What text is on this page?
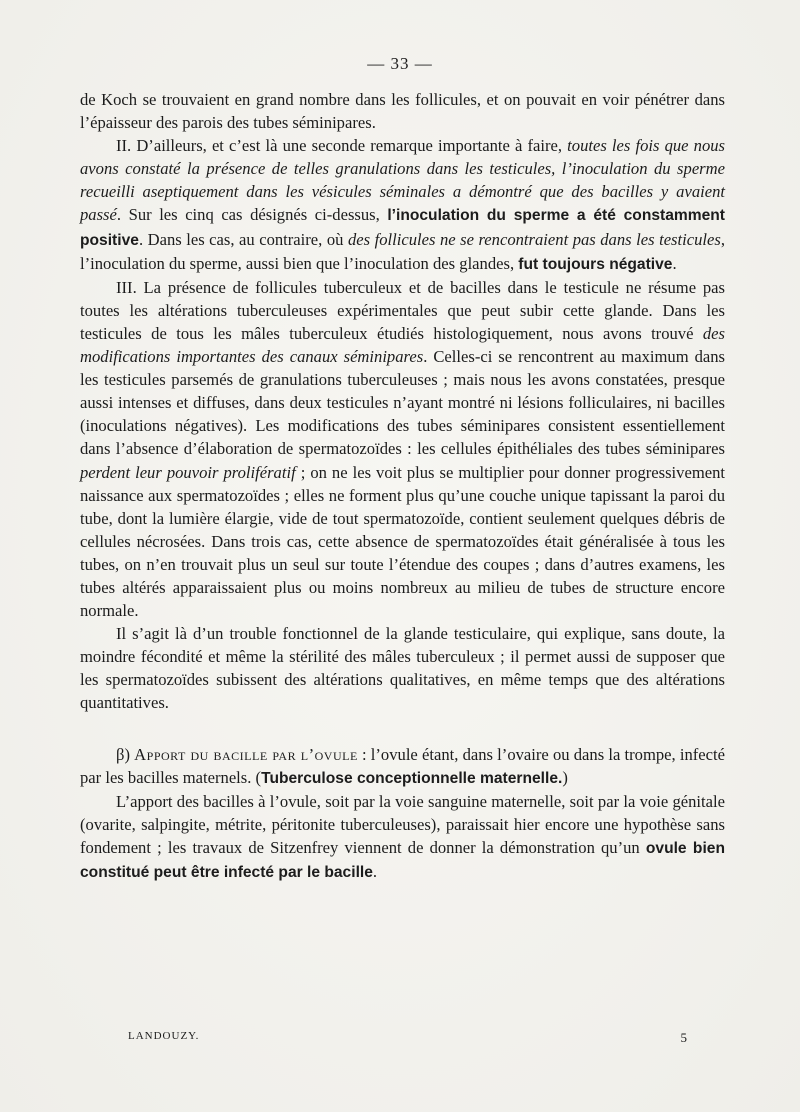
— 33 —

de Koch se trouvaient en grand nombre dans les follicules, et on pouvait en voir pénétrer dans l’épaisseur des parois des tubes séminipares.

II. D’ailleurs, et c’est là une seconde remarque importante à faire, toutes les fois que nous avons constaté la présence de telles granulations dans les testicules, l’inoculation du sperme recueilli aseptiquement dans les vésicules séminales a démontré que des bacilles y avaient passé. Sur les cinq cas désignés ci-dessus, l’inoculation du sperme a été constamment positive. Dans les cas, au contraire, où des follicules ne se rencontraient pas dans les testicules, l’inoculation du sperme, aussi bien que l’inoculation des glandes, fut toujours négative.

III. La présence de follicules tuberculeux et de bacilles dans le testicule ne résume pas toutes les altérations tuberculeuses expérimentales que peut subir cette glande. Dans les testicules de tous les mâles tuberculeux étudiés histologiquement, nous avons trouvé des modifications importantes des canaux séminipares. Celles-ci se rencontrent au maximum dans les testicules parsemés de granulations tuberculeuses ; mais nous les avons constatées, presque aussi intenses et diffuses, dans deux testicules n’ayant montré ni lésions folliculaires, ni bacilles (inoculations négatives). Les modifications des tubes séminipares consistent essentiellement dans l’absence d’élaboration de spermatozoïdes : les cellules épithéliales des tubes séminipares perdent leur pouvoir prolifératif ; on ne les voit plus se multiplier pour donner progressivement naissance aux spermatozoïdes ; elles ne forment plus qu’une couche unique tapissant la paroi du tube, dont la lumière élargie, vide de tout spermatozoïde, contient seulement quelques débris de cellules nécrosées. Dans trois cas, cette absence de spermatozoïdes était généralisée à tous les tubes, on n’en trouvait plus un seul sur toute l’étendue des coupes ; dans d’autres examens, les tubes altérés apparaissaient plus ou moins nombreux au milieu de tubes de structure encore normale.

Il s’agit là d’un trouble fonctionnel de la glande testiculaire, qui explique, sans doute, la moindre fécondité et même la stérilité des mâles tuberculeux ; il permet aussi de supposer que les spermatozoïdes subissent des altérations qualitatives, en même temps que des altérations quantitatives.

β) Apport du bacille par l’ovule : l’ovule étant, dans l’ovaire ou dans la trompe, infecté par les bacilles maternels. (Tuberculose conceptionnelle maternelle.)

L’apport des bacilles à l’ovule, soit par la voie sanguine maternelle, soit par la voie génitale (ovarite, salpingite, métrite, péritonite tuberculeuses), paraissait hier encore une hypothèse sans fondement ; les travaux de Sitzenfrey viennent de donner la démonstration qu’un ovule bien constitué peut être infecté par le bacille.

LANDOUZY.	5
